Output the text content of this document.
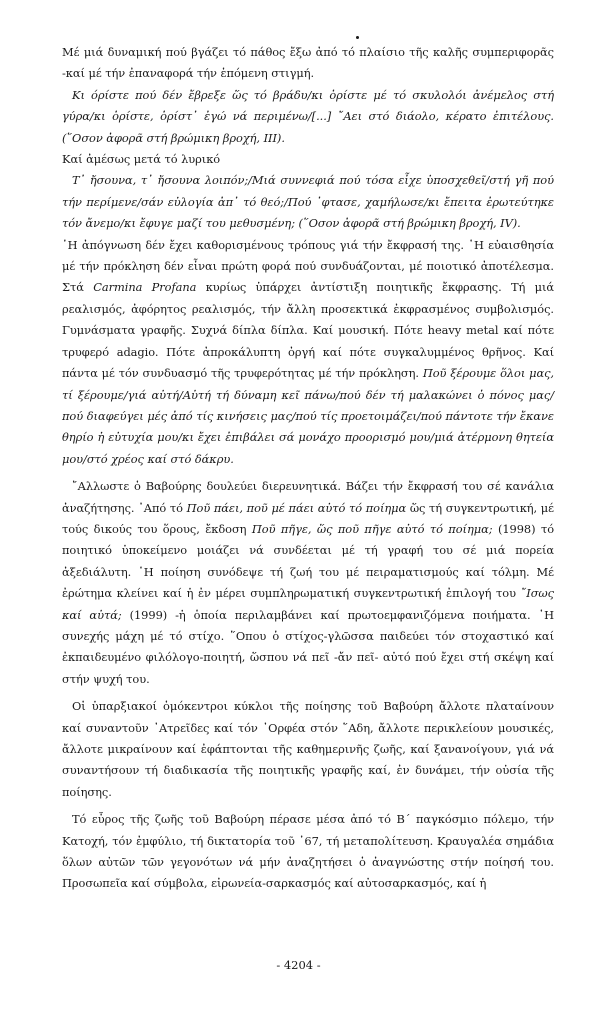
Μέ μιά δυναμική πού βγάζει τό πάθος ἔξω ἀπό τό πλαίσιο τῆς καλῆς συμπεριφορᾶς -καί μέ τήν ἐπαναφορά τήν ἑπόμενη στιγμή.

Κι όρίστε πού δέν ἔβρεξε ὥς τό βράδυ/κι ὁρίστε μέ τό σκυλολόι ἀνέμελος στή γύρα/κι ὁρίστε, ὁρίστ᾽ ἐγώ νά περιμένω/[...] ῎Αει στό διάολο, κέρατο ἐπιτέλους. (῞Οσον ἀφορᾶ στή βρώμικη βροχή, ΙΙΙ).

Καί ἀμέσως μετά τό λυρικό

Τ᾽ ἤσουνα, τ᾽ ἤσουνα λοιπόν;/Μιά συννεφιά πού τόσα εἶχε ὑποσχεθεῖ/στή γῆ πού τήν περίμενε/σάν εὐλογία ἀπ᾽ τό θεό;/Πού ᾽φτασε, χαμήλωσε/κι ἔπειτα ἐρωτεύτηκε τόν ἄνεμο/κι ἔφυγε μαζί του μεθυσμένη; (῞Οσον ἀφορᾶ στή βρώμικη βροχή, IV).

῾Η ἀπόγνωση δέν ἔχει καθορισμένους τρόπους γιά τήν ἔκφρασή της. ῾Η εὐαισθησία μέ τήν πρόκληση δέν εἶναι πρώτη φορά πού συνδυάζονται, μέ ποιοτικό ἀποτέλεσμα. Στά Carmina Profana κυρίως ὑπάρχει ἀντίστιξη ποιητικῆς ἔκφρασης. Τή μιά ρεαλισμός, ἀφόρητος ρεαλισμός, τήν ἄλλη προσεκτικά ἐκφρασμένος συμβολισμός. Γυμνάσματα γραφῆς. Συχνά δίπλα δίπλα. Καί μουσική. Πότε heavy metal καί πότε τρυφερό adagio. Πότε ἀπροκάλυπτη ὀργή καί πότε συγκαλυμμένος θρῆνος. Καί πάντα μέ τόν συνδυασμό τῆς τρυφερότητας μέ τήν πρόκληση. Ποῦ ξέρουμε ὅλοι μας, τί ξέρουμε/γιά αὐτή/Αὐτή τή δύναμη κεῖ πάνω/πού δέν τή μαλακώνει ὁ πόνος μας/πού διαφεύγει μές ἀπό τίς κινήσεις μας/πού τίς προετοιμάζει/πού πάντοτε τήν ἔκανε θηρίο ἡ εὐτυχία μου/κι ἔχει ἐπιβάλει σά μονάχο προορισμό μου/μιά ἀτέρμονη θητεία μου/στό χρέος καί στό δάκρυ.

῎Αλλωστε ὁ Βαβούρης δουλεύει διερευνητικά. Βάζει τήν ἔκφρασή του σέ κανάλια ἀναζήτησης. ᾽Από τό Ποῦ πάει, ποῦ μέ πάει αὐτό τό ποίημα ὥς τή συγκεντρωτική, μέ τούς δικούς του ὅρους, ἔκδοση Ποῦ πῆγε, ὥς ποῦ πῆγε αὐτό τό ποίημα; (1998) τό ποιητικό ὑποκείμενο μοιάζει νά συνδέεται μέ τή γραφή του σέ μιά πορεία ἀξεδιάλυτη. ῾Η ποίηση συνόδεψε τή ζωή του μέ πειραματισμούς καί τόλμη. Μέ ἐρώτημα κλείνει καί ἡ ἐν μέρει συμπληρωματική συγκεντρωτική ἐπιλογή του ῎Ισως καί αὐτά; (1999) -ἡ ὁποία περιλαμβάνει καί πρωτοεμφανιζόμενα ποιήματα. ῾Η συνεχής μάχη μέ τό στίχο. ῞Οπου ὁ στίχος-γλῶσσα παιδεύει τόν στοχαστικό καί ἐκπαιδευμένο φιλόλογο-ποιητή, ὥσπου νά πεῖ -ἄν πεῖ- αὐτό πού ἔχει στή σκέψη καί στήν ψυχή του.

Οἱ ὑπαρξιακοί ὁμόκεντροι κύκλοι τῆς ποίησης τοῦ Βαβούρη ἄλλοτε πλαταίνουν καί συναντοῦν ᾽Ατρεῖδες καί τόν ᾽Ορφέα στόν ῞Αδη, ἄλλοτε περικλείουν μουσικές, ἄλλοτε μικραίνουν καί ἐφάπτονται τῆς καθημερινῆς ζωῆς, καί ξανανοίγουν, γιά νά συναντήσουν τή διαδικασία τῆς ποιητικῆς γραφῆς καί, ἐν δυνάμει, τήν οὐσία τῆς ποίησης.

Τό εὖρος τῆς ζωῆς τοῦ Βαβούρη πέρασε μέσα ἀπό τό Β΄ παγκόσμιο πόλεμο, τήν Κατοχή, τόν ἐμφύλιο, τή δικτατορία τοῦ ᾽67, τή μεταπολίτευση. Κραυγαλέα σημάδια ὅλων αὐτῶν τῶν γεγονότων νά μήν ἀναζητήσει ὁ ἀναγνώστης στήν ποίησή του. Προσωπεῖα καί σύμβολα, εἰρωνεία-σαρκασμός καί αὐτοσαρκασμός, καί ἡ

- 4204 -
